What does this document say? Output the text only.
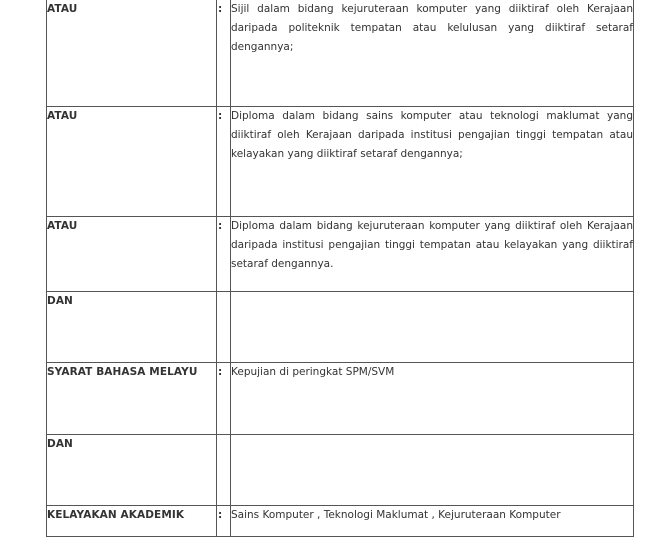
ATAU	:	Sijil dalam bidang kejuruteraan komputer yang diiktiraf oleh Kerajaan daripada politeknik tempatan atau kelulusan yang diiktiraf setaraf dengannya;
ATAU	:	Diploma dalam bidang sains komputer atau teknologi maklumat yang diiktiraf oleh Kerajaan daripada institusi pengajian tinggi tempatan atau kelayakan yang diiktiraf setaraf dengannya;
ATAU	:	Diploma dalam bidang kejuruteraan komputer yang diiktiraf oleh Kerajaan daripada institusi pengajian tinggi tempatan atau kelayakan yang diiktiraf setaraf dengannya.
DAN	

SYARAT BAHASA MELAYU	:	Kepujian di peringkat SPM/SVM
DAN	

KELAYAKAN AKADEMIK	:	Sains Komputer , Teknologi Maklumat , Kejuruteraan Komputer
